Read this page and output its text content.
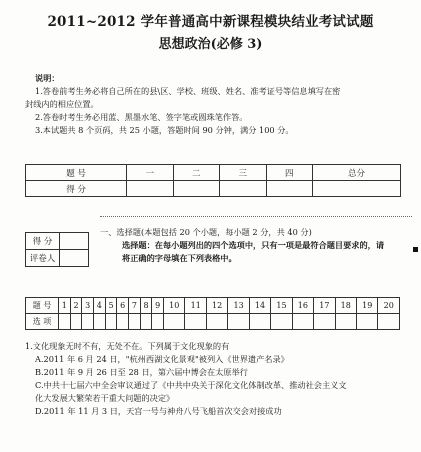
2011~2012 学年普通高中新课程模块结业考试试题
思想政治(必修 3)
说明：
1.答卷前考生务必将自己所在的县\区、学校、班级、姓名、准考证号等信息填写在密
封线内的相应位置。
2.答卷时考生务必用蓝、黑墨水笔、签字笔或圆珠笔作答。
3.本试题共 8 个页码，共 25 小题，答题时间 90 分钟，满分 100 分。
题 号	一	二	三	四	总分
得 分					
得 分	
评卷人	
一、选择题(本题包括 20 个小题，每小题 2 分，共 40 分)
选择题：在每小题列出的四个选项中，只有一项是最符合题目要求的，请
将正确的字母填在下列表格中。
题 号	1	2	3	4	5	6	7	8	9	10	11	12	13	14	15	16	17	18	19	20
选 项																				
1.文化现象无时不有，无处不在。下列属于文化现象的有
A.2011 年 6 月 24 日，"杭州西湖文化景观"被列入《世界遗产名录》
B.2011 年 9 月 26 日至 28 日，第六届中博会在太原举行
C.中共十七届六中全会审议通过了《中共中央关于深化文化体制改革、推动社会主义文
化大发展大繁荣若干重大问题的决定》
D.2011 年 11 月 3 日，天宫一号与神舟八号飞船首次交会对接成功
